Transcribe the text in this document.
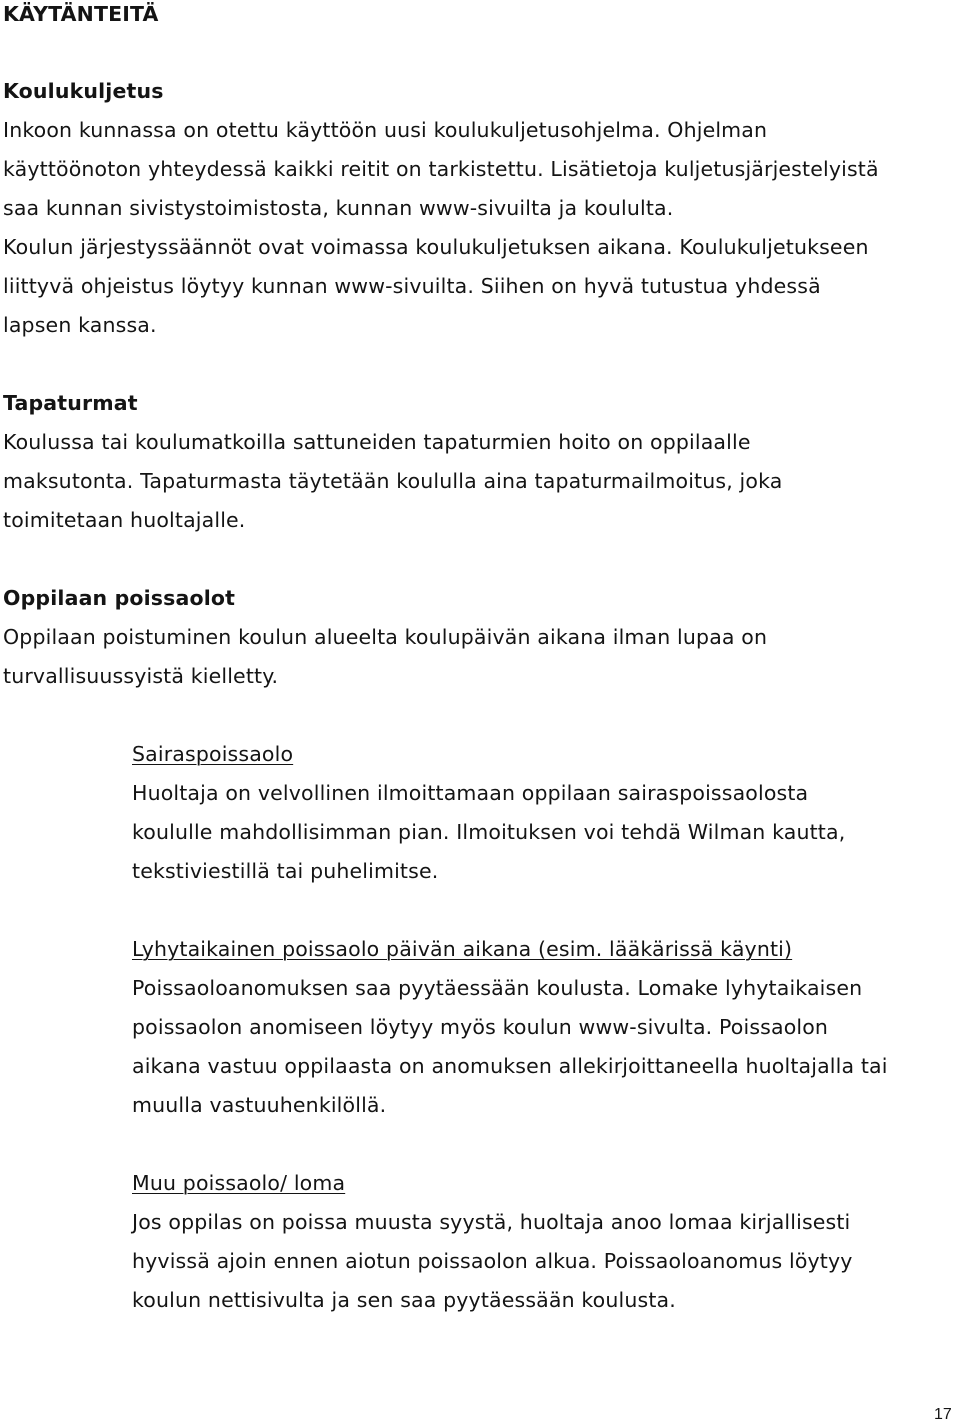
KÄYTÄNTEITÄ
Koulukuljetus
Inkoon kunnassa on otettu käyttöön uusi koulukuljetusohjelma. Ohjelman
käyttöönoton yhteydessä kaikki reitit on tarkistettu. Lisätietoja kuljetusjärjestelyistä
saa kunnan sivistystoimistosta, kunnan www-sivuilta ja koululta.
Koulun järjestyssäännöt ovat voimassa koulukuljetuksen aikana. Koulukuljetukseen
liittyvä ohjeistus löytyy kunnan www-sivuilta. Siihen on hyvä tutustua yhdessä
lapsen kanssa.
Tapaturmat
Koulussa tai koulumatkoilla sattuneiden tapaturmien hoito on oppilaalle
maksutonta. Tapaturmasta täytetään koululla aina tapaturmailmoitus, joka
toimitetaan huoltajalle.
Oppilaan poissaolot
Oppilaan poistuminen koulun alueelta koulupäivän aikana ilman lupaa on
turvallisuussyistä kielletty.
Sairaspoissaolo
Huoltaja on velvollinen ilmoittamaan oppilaan sairaspoissaolosta
koululle mahdollisimman pian. Ilmoituksen voi tehdä Wilman kautta,
tekstiviestillä tai puhelimitse.
Lyhytaikainen poissaolo päivän aikana (esim. lääkärissä käynti)
Poissaoloanomuksen saa pyytäessään koulusta. Lomake lyhytaikaisen
poissaolon anomiseen löytyy myös koulun www-sivulta. Poissaolon
aikana vastuu oppilaasta on anomuksen allekirjoittaneella huoltajalla tai
muulla vastuuhenkilöllä.
Muu poissaolo/ loma
Jos oppilas on poissa muusta syystä, huoltaja anoo lomaa kirjallisesti
hyvissä ajoin ennen aiotun poissaolon alkua. Poissaoloanomus löytyy
koulun nettisivulta ja sen saa pyytäessään koulusta.
17
